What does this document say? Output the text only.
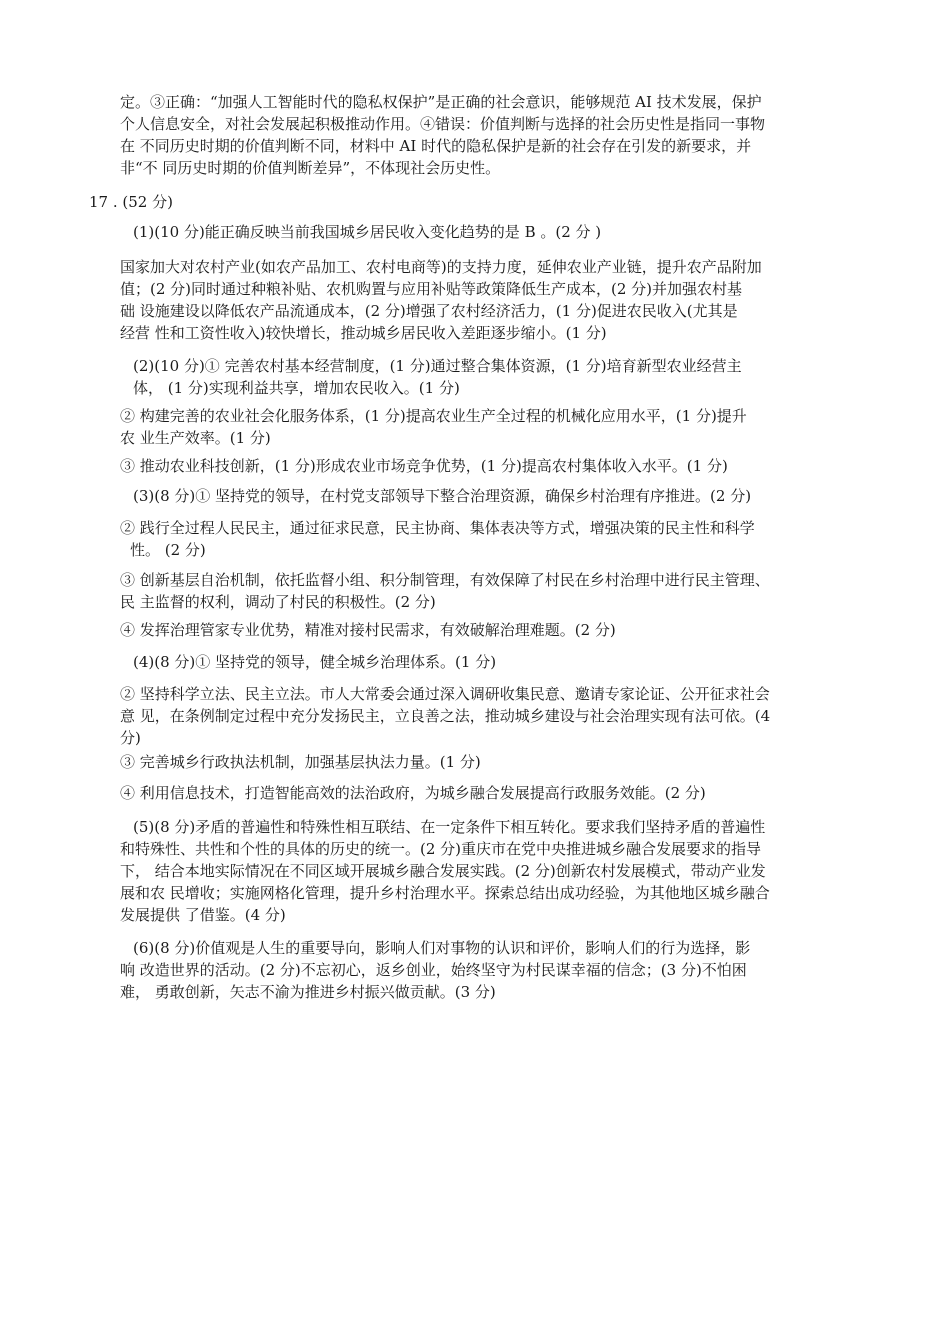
定。③正确：“加强人工智能时代的隐私权保护”是正确的社会意识，能够规范 AI 技术发展，保护
个人信息安全，对社会发展起积极推动作用。④错误：价值判断与选择的社会历史性是指同一事物
在 不同历史时期的价值判断不同，材料中 AI 时代的隐私保护是新的社会存在引发的新要求，并
非“不 同历史时期的价值判断差异”，不体现社会历史性。
17 . (52 分)
(1)(10 分)能正确反映当前我国城乡居民收入变化趋势的是 B 。(2 分 )
国家加大对农村产业(如农产品加工、农村电商等)的支持力度，延伸农业产业链，提升农产品附加
值；(2 分)同时通过种粮补贴、农机购置与应用补贴等政策降低生产成本，(2 分)并加强农村基
础 设施建设以降低农产品流通成本，(2 分)增强了农村经济活力，(1 分)促进农民收入(尤其是
经营 性和工资性收入)较快增长，推动城乡居民收入差距逐步缩小。(1 分)
(2)(10 分)① 完善农村基本经营制度，(1 分)通过整合集体资源，(1 分)培育新型农业经营主
体， (1 分)实现利益共享，增加农民收入。(1 分)
② 构建完善的农业社会化服务体系，(1 分)提高农业生产全过程的机械化应用水平，(1 分)提升
农 业生产效率。(1 分)
③ 推动农业科技创新，(1 分)形成农业市场竞争优势，(1 分)提高农村集体收入水平。(1 分)
(3)(8 分)① 坚持党的领导，在村党支部领导下整合治理资源，确保乡村治理有序推进。(2 分)
② 践行全过程人民民主，通过征求民意，民主协商、集体表决等方式，增强决策的民主性和科学
性。 (2 分)
③ 创新基层自治机制，依托监督小组、积分制管理，有效保障了村民在乡村治理中进行民主管理、
民 主监督的权利，调动了村民的积极性。(2 分)
④ 发挥治理管家专业优势，精准对接村民需求，有效破解治理难题。(2 分)
(4)(8 分)① 坚持党的领导，健全城乡治理体系。(1 分)
② 坚持科学立法、民主立法。市人大常委会通过深入调研收集民意、邀请专家论证、公开征求社会
意 见，在条例制定过程中充分发扬民主，立良善之法，推动城乡建设与社会治理实现有法可依。(4
分)
③ 完善城乡行政执法机制，加强基层执法力量。(1 分)
④ 利用信息技术，打造智能高效的法治政府，为城乡融合发展提高行政服务效能。(2 分)
(5)(8 分)矛盾的普遍性和特殊性相互联结、在一定条件下相互转化。要求我们坚持矛盾的普遍性
和特殊性、共性和个性的具体的历史的统一。(2 分)重庆市在党中央推进城乡融合发展要求的指导
下， 结合本地实际情况在不同区域开展城乡融合发展实践。(2 分)创新农村发展模式，带动产业发
展和农 民增收；实施网格化管理，提升乡村治理水平。探索总结出成功经验，为其他地区城乡融合
发展提供 了借鉴。(4 分)
(6)(8 分)价值观是人生的重要导向，影响人们对事物的认识和评价，影响人们的行为选择，影
响 改造世界的活动。(2 分)不忘初心，返乡创业，始终坚守为村民谋幸福的信念；(3 分)不怕困
难， 勇敢创新，矢志不渝为推进乡村振兴做贡献。(3 分)
